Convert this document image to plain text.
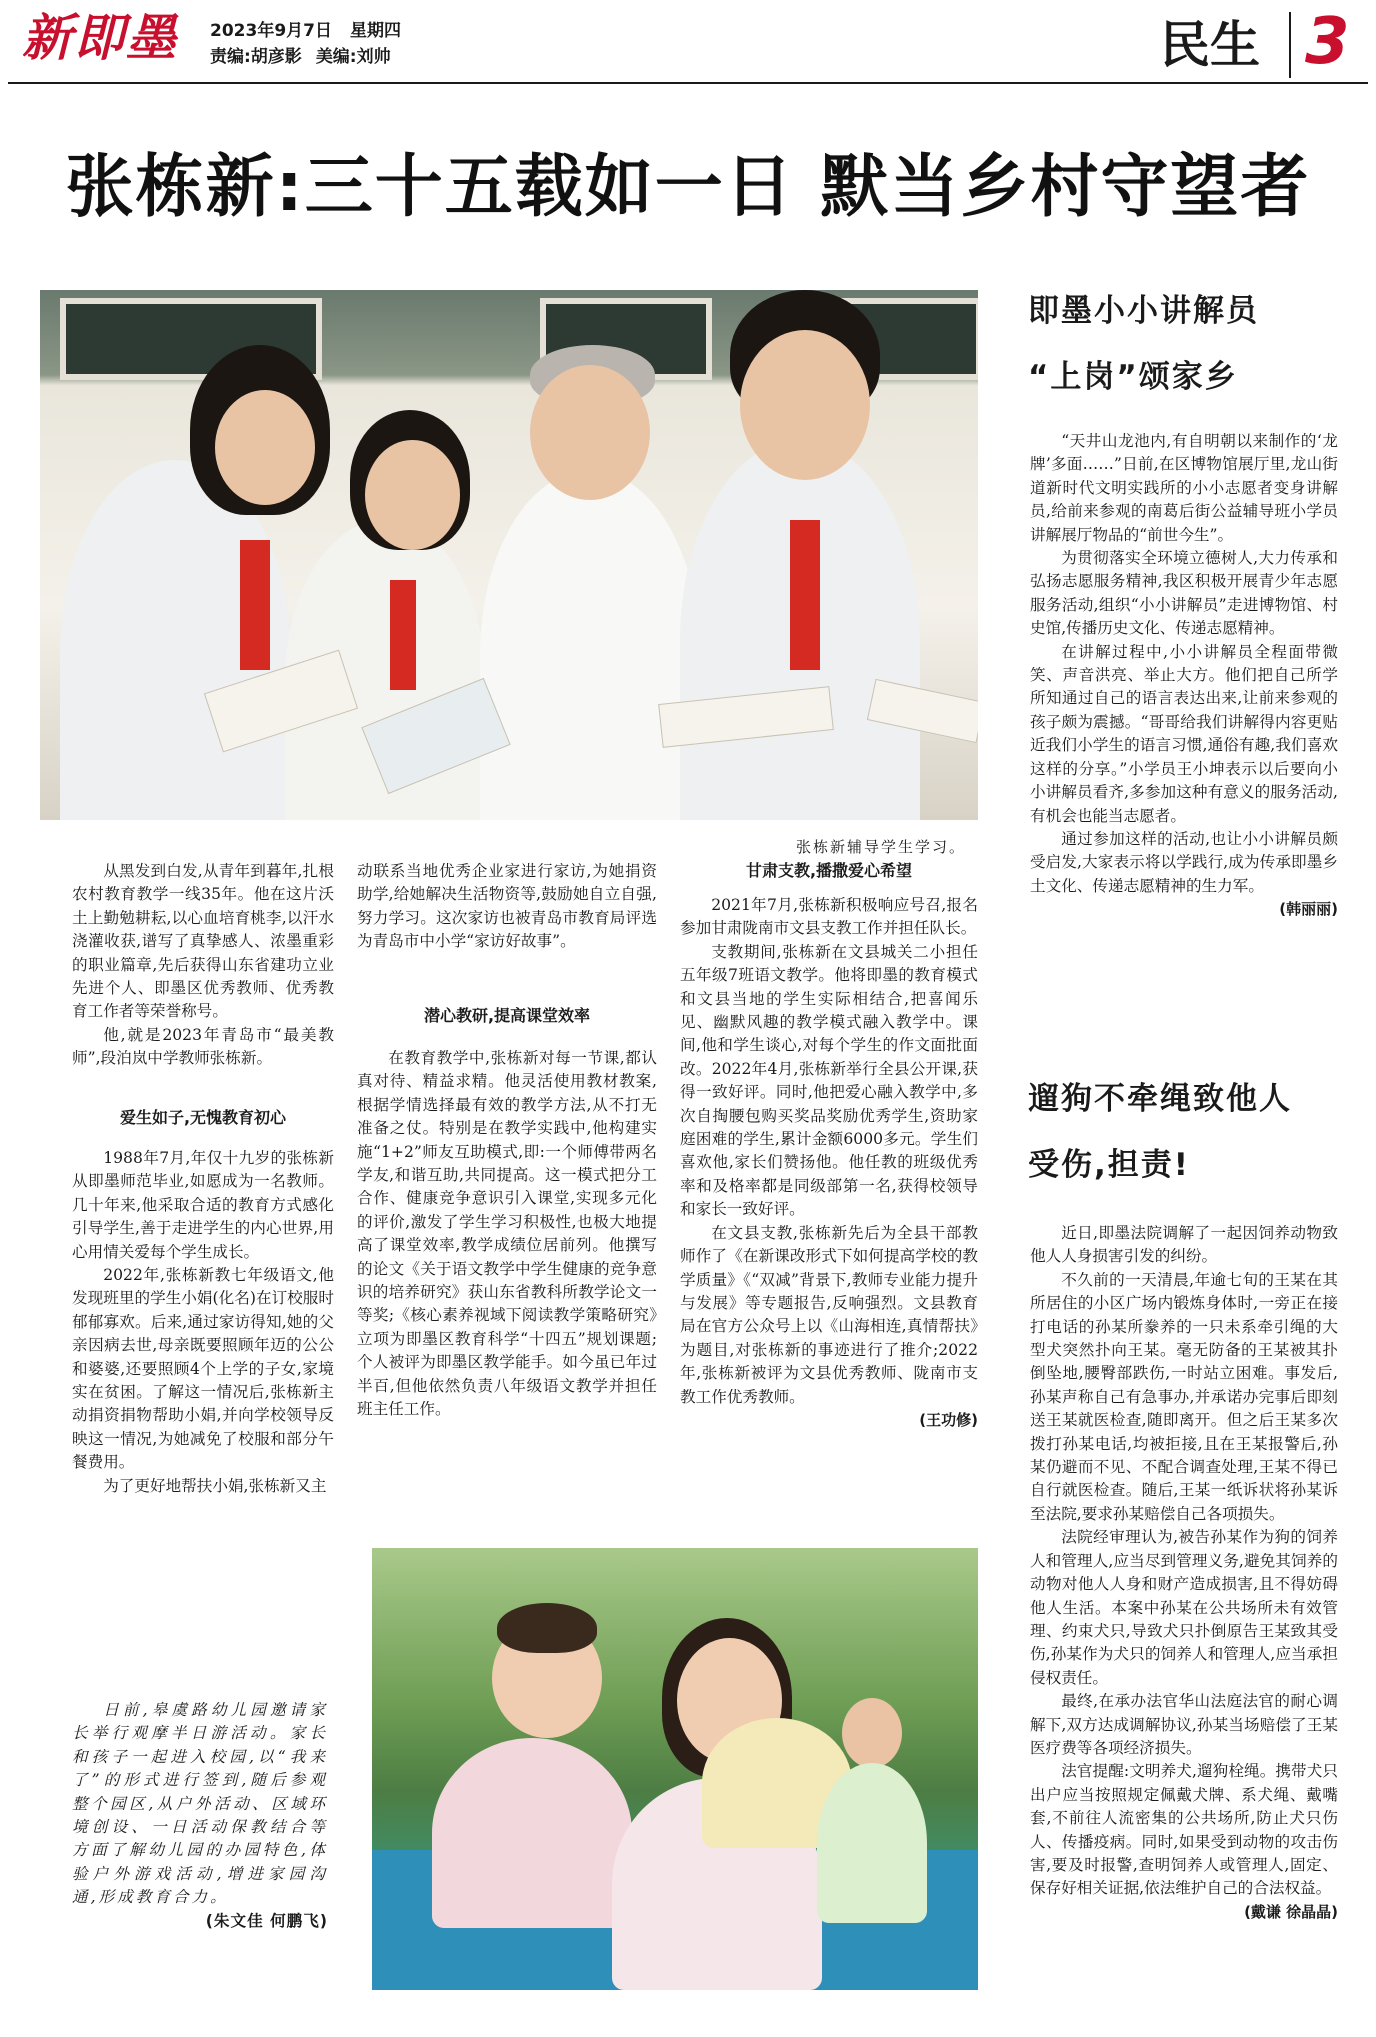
新即墨	2023年9月7日 星期四
责编:胡彦影 美编:刘帅	民生 3
张栋新:三十五载如一日 默当乡村守望者
张栋新辅导学生学习。

从黑发到白发,从青年到暮年,扎根农村教育教学一线35年。他在这片沃土上勤勉耕耘,以心血培育桃李,以汗水浇灌收获,谱写了真挚感人、浓墨重彩的职业篇章,先后获得山东省建功立业先进个人、即墨区优秀教师、优秀教育工作者等荣誉称号。

他,就是2023年青岛市“最美教师”,段泊岚中学教师张栋新。

爱生如子,无愧教育初心

1988年7月,年仅十九岁的张栋新从即墨师范毕业,如愿成为一名教师。几十年来,他采取合适的教育方式感化引导学生,善于走进学生的内心世界,用心用情关爱每个学生成长。

2022年,张栋新教七年级语文,他发现班里的学生小娟(化名)在订校服时郁郁寡欢。后来,通过家访得知,她的父亲因病去世,母亲既要照顾年迈的公公和婆婆,还要照顾4个上学的子女,家境实在贫困。了解这一情况后,张栋新主动捐资捐物帮助小娟,并向学校领导反映这一情况,为她减免了校服和部分午餐费用。

为了更好地帮扶小娟,张栋新又主

动联系当地优秀企业家进行家访,为她捐资助学,给她解决生活物资等,鼓励她自立自强,努力学习。这次家访也被青岛市教育局评选为青岛市中小学“家访好故事”。

潜心教研,提高课堂效率

在教育教学中,张栋新对每一节课,都认真对待、精益求精。他灵活使用教材教案,根据学情选择最有效的教学方法,从不打无准备之仗。特别是在教学实践中,他构建实施“1+2”师友互助模式,即:一个师傅带两名学友,和谐互助,共同提高。这一模式把分工合作、健康竞争意识引入课堂,实现多元化的评价,激发了学生学习积极性,也极大地提高了课堂效率,教学成绩位居前列。他撰写的论文《关于语文教学中学生健康的竞争意识的培养研究》获山东省教科所教学论文一等奖;《核心素养视域下阅读教学策略研究》立项为即墨区教育科学“十四五”规划课题;个人被评为即墨区教学能手。如今虽已年过半百,但他依然负责八年级语文教学并担任班主任工作。

甘肃支教,播撒爱心希望

2021年7月,张栋新积极响应号召,报名参加甘肃陇南市文县支教工作并担任队长。

支教期间,张栋新在文县城关二小担任五年级7班语文教学。他将即墨的教育模式和文县当地的学生实际相结合,把喜闻乐见、幽默风趣的教学模式融入教学中。课间,他和学生谈心,对每个学生的作文面批面改。2022年4月,张栋新举行全县公开课,获得一致好评。同时,他把爱心融入教学中,多次自掏腰包购买奖品奖励优秀学生,资助家庭困难的学生,累计金额6000多元。学生们喜欢他,家长们赞扬他。他任教的班级优秀率和及格率都是同级部第一名,获得校领导和家长一致好评。

在文县支教,张栋新先后为全县干部教师作了《在新课改形式下如何提高学校的教学质量》《“双减”背景下,教师专业能力提升与发展》等专题报告,反响强烈。文县教育局在官方公众号上以《山海相连,真情帮扶》为题目,对张栋新的事迹进行了推介;2022年,张栋新被评为文县优秀教师、陇南市支教工作优秀教师。

(王功修)
即墨小小讲解员
“上岗”颂家乡

“天井山龙池内,有自明朝以来制作的‘龙牌’多面……”日前,在区博物馆展厅里,龙山街道新时代文明实践所的小小志愿者变身讲解员,给前来参观的南葛后街公益辅导班小学员讲解展厅物品的“前世今生”。

为贯彻落实全环境立德树人,大力传承和弘扬志愿服务精神,我区积极开展青少年志愿服务活动,组织“小小讲解员”走进博物馆、村史馆,传播历史文化、传递志愿精神。

在讲解过程中,小小讲解员全程面带微笑、声音洪亮、举止大方。他们把自己所学所知通过自己的语言表达出来,让前来参观的孩子颇为震撼。“哥哥给我们讲解得内容更贴近我们小学生的语言习惯,通俗有趣,我们喜欢这样的分享。”小学员王小坤表示以后要向小小讲解员看齐,多参加这种有意义的服务活动,有机会也能当志愿者。

通过参加这样的活动,也让小小讲解员颇受启发,大家表示将以学践行,成为传承即墨乡土文化、传递志愿精神的生力军。

(韩丽丽)
遛狗不牵绳致他人
受伤,担责!

近日,即墨法院调解了一起因饲养动物致他人人身损害引发的纠纷。

不久前的一天清晨,年逾七旬的王某在其所居住的小区广场内锻炼身体时,一旁正在接打电话的孙某所豢养的一只未系牵引绳的大型犬突然扑向王某。毫无防备的王某被其扑倒坠地,腰臀部跌伤,一时站立困难。事发后,孙某声称自己有急事办,并承诺办完事后即刻送王某就医检查,随即离开。但之后王某多次拨打孙某电话,均被拒接,且在王某报警后,孙某仍避而不见、不配合调查处理,王某不得已自行就医检查。随后,王某一纸诉状将孙某诉至法院,要求孙某赔偿自己各项损失。

法院经审理认为,被告孙某作为狗的饲养人和管理人,应当尽到管理义务,避免其饲养的动物对他人人身和财产造成损害,且不得妨碍他人生活。本案中孙某在公共场所未有效管理、约束犬只,导致犬只扑倒原告王某致其受伤,孙某作为犬只的饲养人和管理人,应当承担侵权责任。

最终,在承办法官华山法庭法官的耐心调解下,双方达成调解协议,孙某当场赔偿了王某医疗费等各项经济损失。

法官提醒:文明养犬,遛狗栓绳。携带犬只出户应当按照规定佩戴犬牌、系犬绳、戴嘴套,不前往人流密集的公共场所,防止犬只伤人、传播疫病。同时,如果受到动物的攻击伤害,要及时报警,查明饲养人或管理人,固定、保存好相关证据,依法维护自己的合法权益。

(戴谦 徐晶晶)

日前,皋虞路幼儿园邀请家长举行观摩半日游活动。家长和孩子一起进入校园,以“我来了”的形式进行签到,随后参观整个园区,从户外活动、区域环境创设、一日活动保教结合等方面了解幼儿园的办园特色,体验户外游戏活动,增进家园沟通,形成教育合力。

(朱文佳 何鹏飞)
